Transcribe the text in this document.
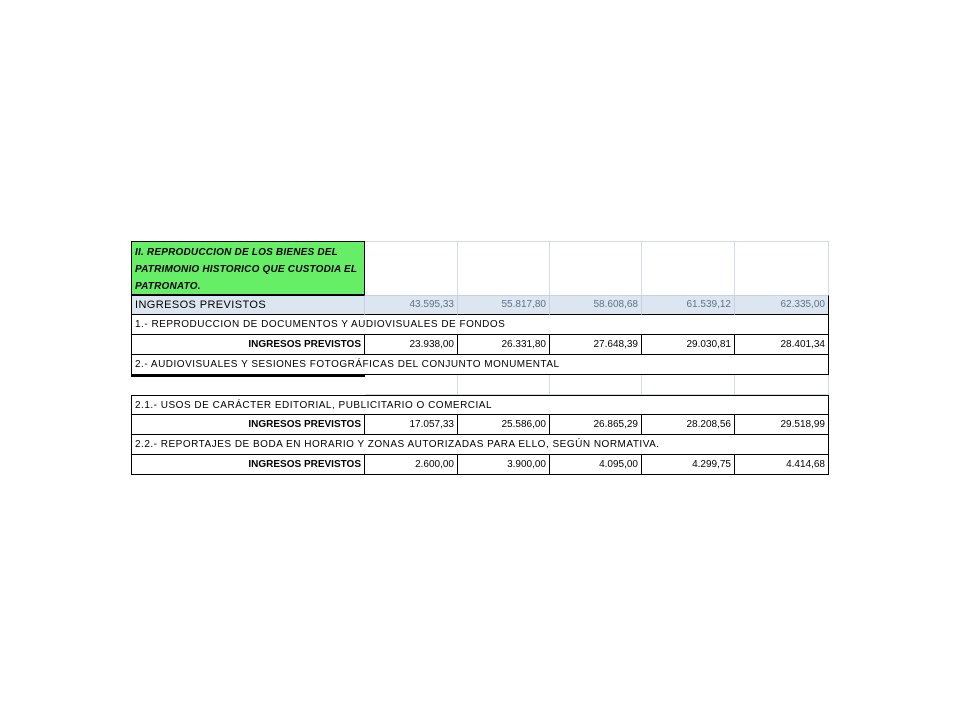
II. REPRODUCCION DE LOS BIENES DEL PATRIMONIO HISTORICO QUE CUSTODIA EL PATRONATO.
INGRESOS PREVISTOS	43.595,33	55.817,80	58.608,68	61.539,12	62.335,00
1.- REPRODUCCION DE DOCUMENTOS Y AUDIOVISUALES DE FONDOS
INGRESOS PREVISTOS	23.938,00	26.331,80	27.648,39	29.030,81	28.401,34
2.- AUDIOVISUALES Y SESIONES FOTOGRÁFICAS DEL CONJUNTO MONUMENTAL
2.1.- USOS DE CARÁCTER EDITORIAL, PUBLICITARIO O COMERCIAL
INGRESOS PREVISTOS	17.057,33	25.586,00	26.865,29	28.208,56	29.518,99
2.2.- REPORTAJES DE BODA EN HORARIO Y ZONAS AUTORIZADAS PARA ELLO, SEGÚN NORMATIVA.
INGRESOS PREVISTOS	2.600,00	3.900,00	4.095,00	4.299,75	4.414,68
